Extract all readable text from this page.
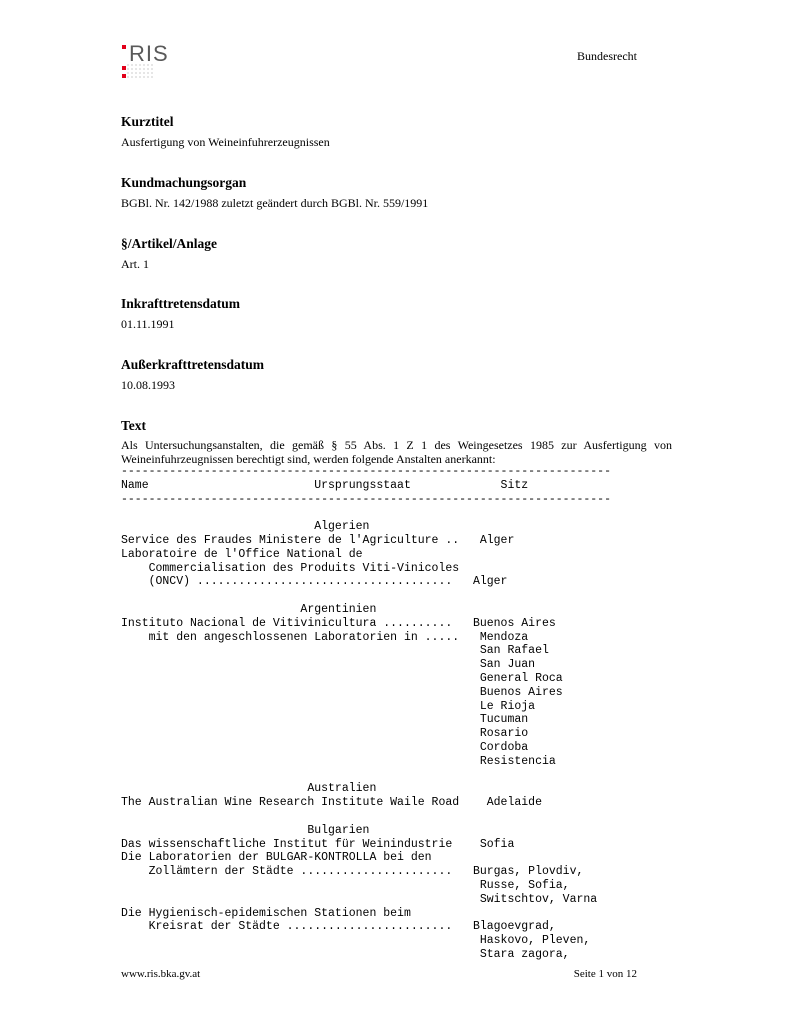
RIS	Bundesrecht
Kurztitel
Ausfertigung von Weineinfuhrerzeugnissen
Kundmachungsorgan
BGBl. Nr. 142/1988 zuletzt geändert durch BGBl. Nr. 559/1991
§/Artikel/Anlage
Art. 1
Inkrafttretensdatum
01.11.1991
Außerkrafttretensdatum
10.08.1993
Text
Als Untersuchungsanstalten, die gemäß § 55 Abs. 1 Z 1 des Weingesetzes 1985 zur Ausfertigung von Weineinfuhrzeugnissen berechtigt sind, werden folgende Anstalten anerkannt:
-----------------------------------------------------------------------
Name                        Ursprungsstaat             Sitz
-----------------------------------------------------------------------

Algerien
Service des Fraudes Ministere de l'Agriculture ..   Alger
Laboratoire de l'Office National de
Commercialisation des Produits Viti-Vinicoles
(ONCV) .....................................   Alger

Argentinien
Instituto Nacional de Vitivinicultura ..........   Buenos Aires
mit den angeschlossenen Laboratorien in .....   Mendoza
San Rafael
San Juan
General Roca
Buenos Aires
Le Rioja
Tucuman
Rosario
Cordoba
Resistencia

Australien
The Australian Wine Research Institute Waile Road    Adelaide

Bulgarien
Das wissenschaftliche Institut für Weinindustrie    Sofia
Die Laboratorien der BULGAR-KONTROLLA bei den
Zollämtern der Städte ......................   Burgas, Plovdiv,
Russe, Sofia,
Switschtov, Varna
Die Hygienisch-epidemischen Stationen beim
Kreisrat der Städte ........................   Blagoevgrad,
Haskovo, Pleven,
Stara zagora,
www.ris.bka.gv.at	Seite 1 von 12
